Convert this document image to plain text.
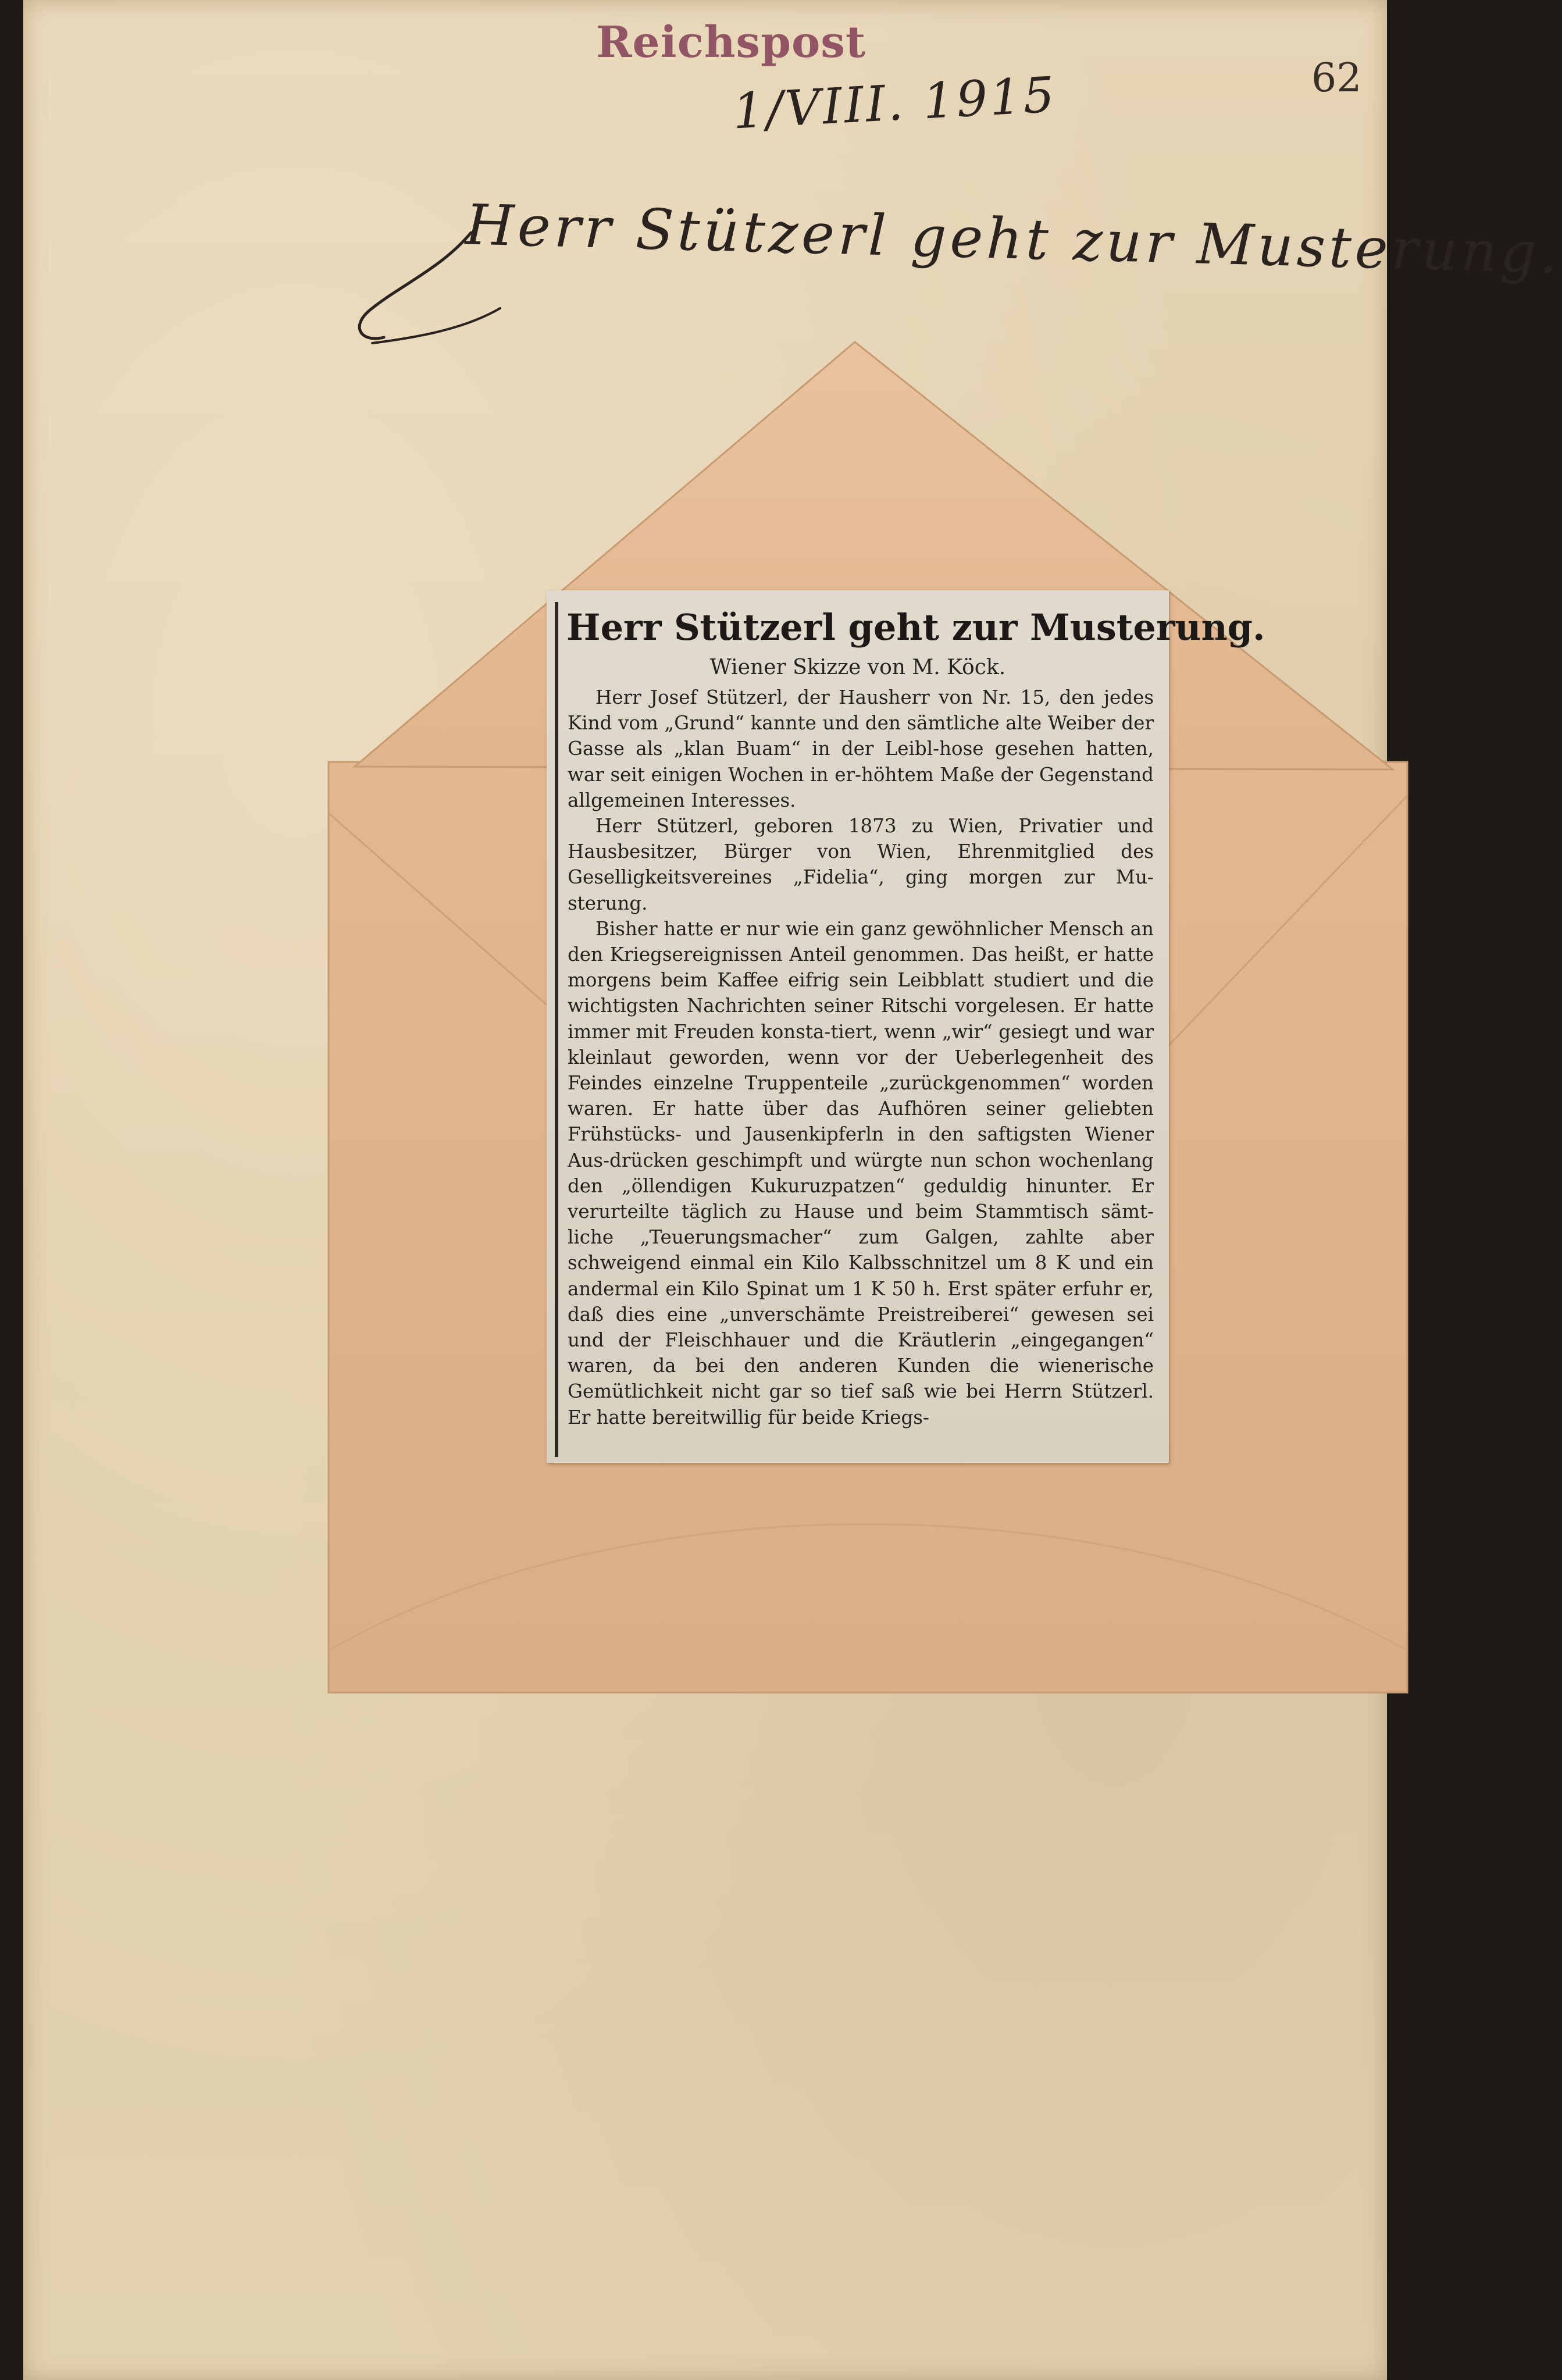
Reichspost
1/VIII. 1915	62
Herr Stützerl geht zur Musterung.
Herr Stützerl geht zur Musterung.
Wiener Skizze von M. Köck.

Herr Josef Stützerl, der Hausherr von Nr. 15, den jedes Kind vom „Grund“ kannte und den sämtliche alte Weiber der Gasse als „klan Buam“ in der Leibl-hose gesehen hatten, war seit einigen Wochen in er-höhtem Maße der Gegenstand allgemeinen Interesses.

Herr Stützerl, geboren 1873 zu Wien, Privatier und Hausbesitzer, Bürger von Wien, Ehrenmitglied des Geselligkeitsvereines „Fidelia“, ging morgen zur Mu-sterung.

Bisher hatte er nur wie ein ganz gewöhnlicher Mensch an den Kriegsereignissen Anteil genommen. Das heißt, er hatte morgens beim Kaffee eifrig sein Leibblatt studiert und die wichtigsten Nachrichten seiner Ritschi vorgelesen. Er hatte immer mit Freuden konsta-tiert, wenn „wir“ gesiegt und war kleinlaut geworden, wenn vor der Ueberlegenheit des Feindes einzelne Truppenteile „zurückgenommen“ worden waren. Er hatte über das Aufhören seiner geliebten Frühstücks- und Jausenkipferln in den saftigsten Wiener Aus-drücken geschimpft und würgte nun schon wochenlang den „öllendigen Kukuruzpatzen“ geduldig hinunter. Er verurteilte täglich zu Hause und beim Stammtisch sämt-liche „Teuerungsmacher“ zum Galgen, zahlte aber schweigend einmal ein Kilo Kalbsschnitzel um 8 K und ein andermal ein Kilo Spinat um 1 K 50 h. Erst später erfuhr er, daß dies eine „unverschämte Preistreiberei“ gewesen sei und der Fleischhauer und die Kräutlerin „eingegangen“ waren, da bei den anderen Kunden die wienerische Gemütlichkeit nicht gar so tief saß wie bei Herrn Stützerl. Er hatte bereitwillig für beide Kriegs-
